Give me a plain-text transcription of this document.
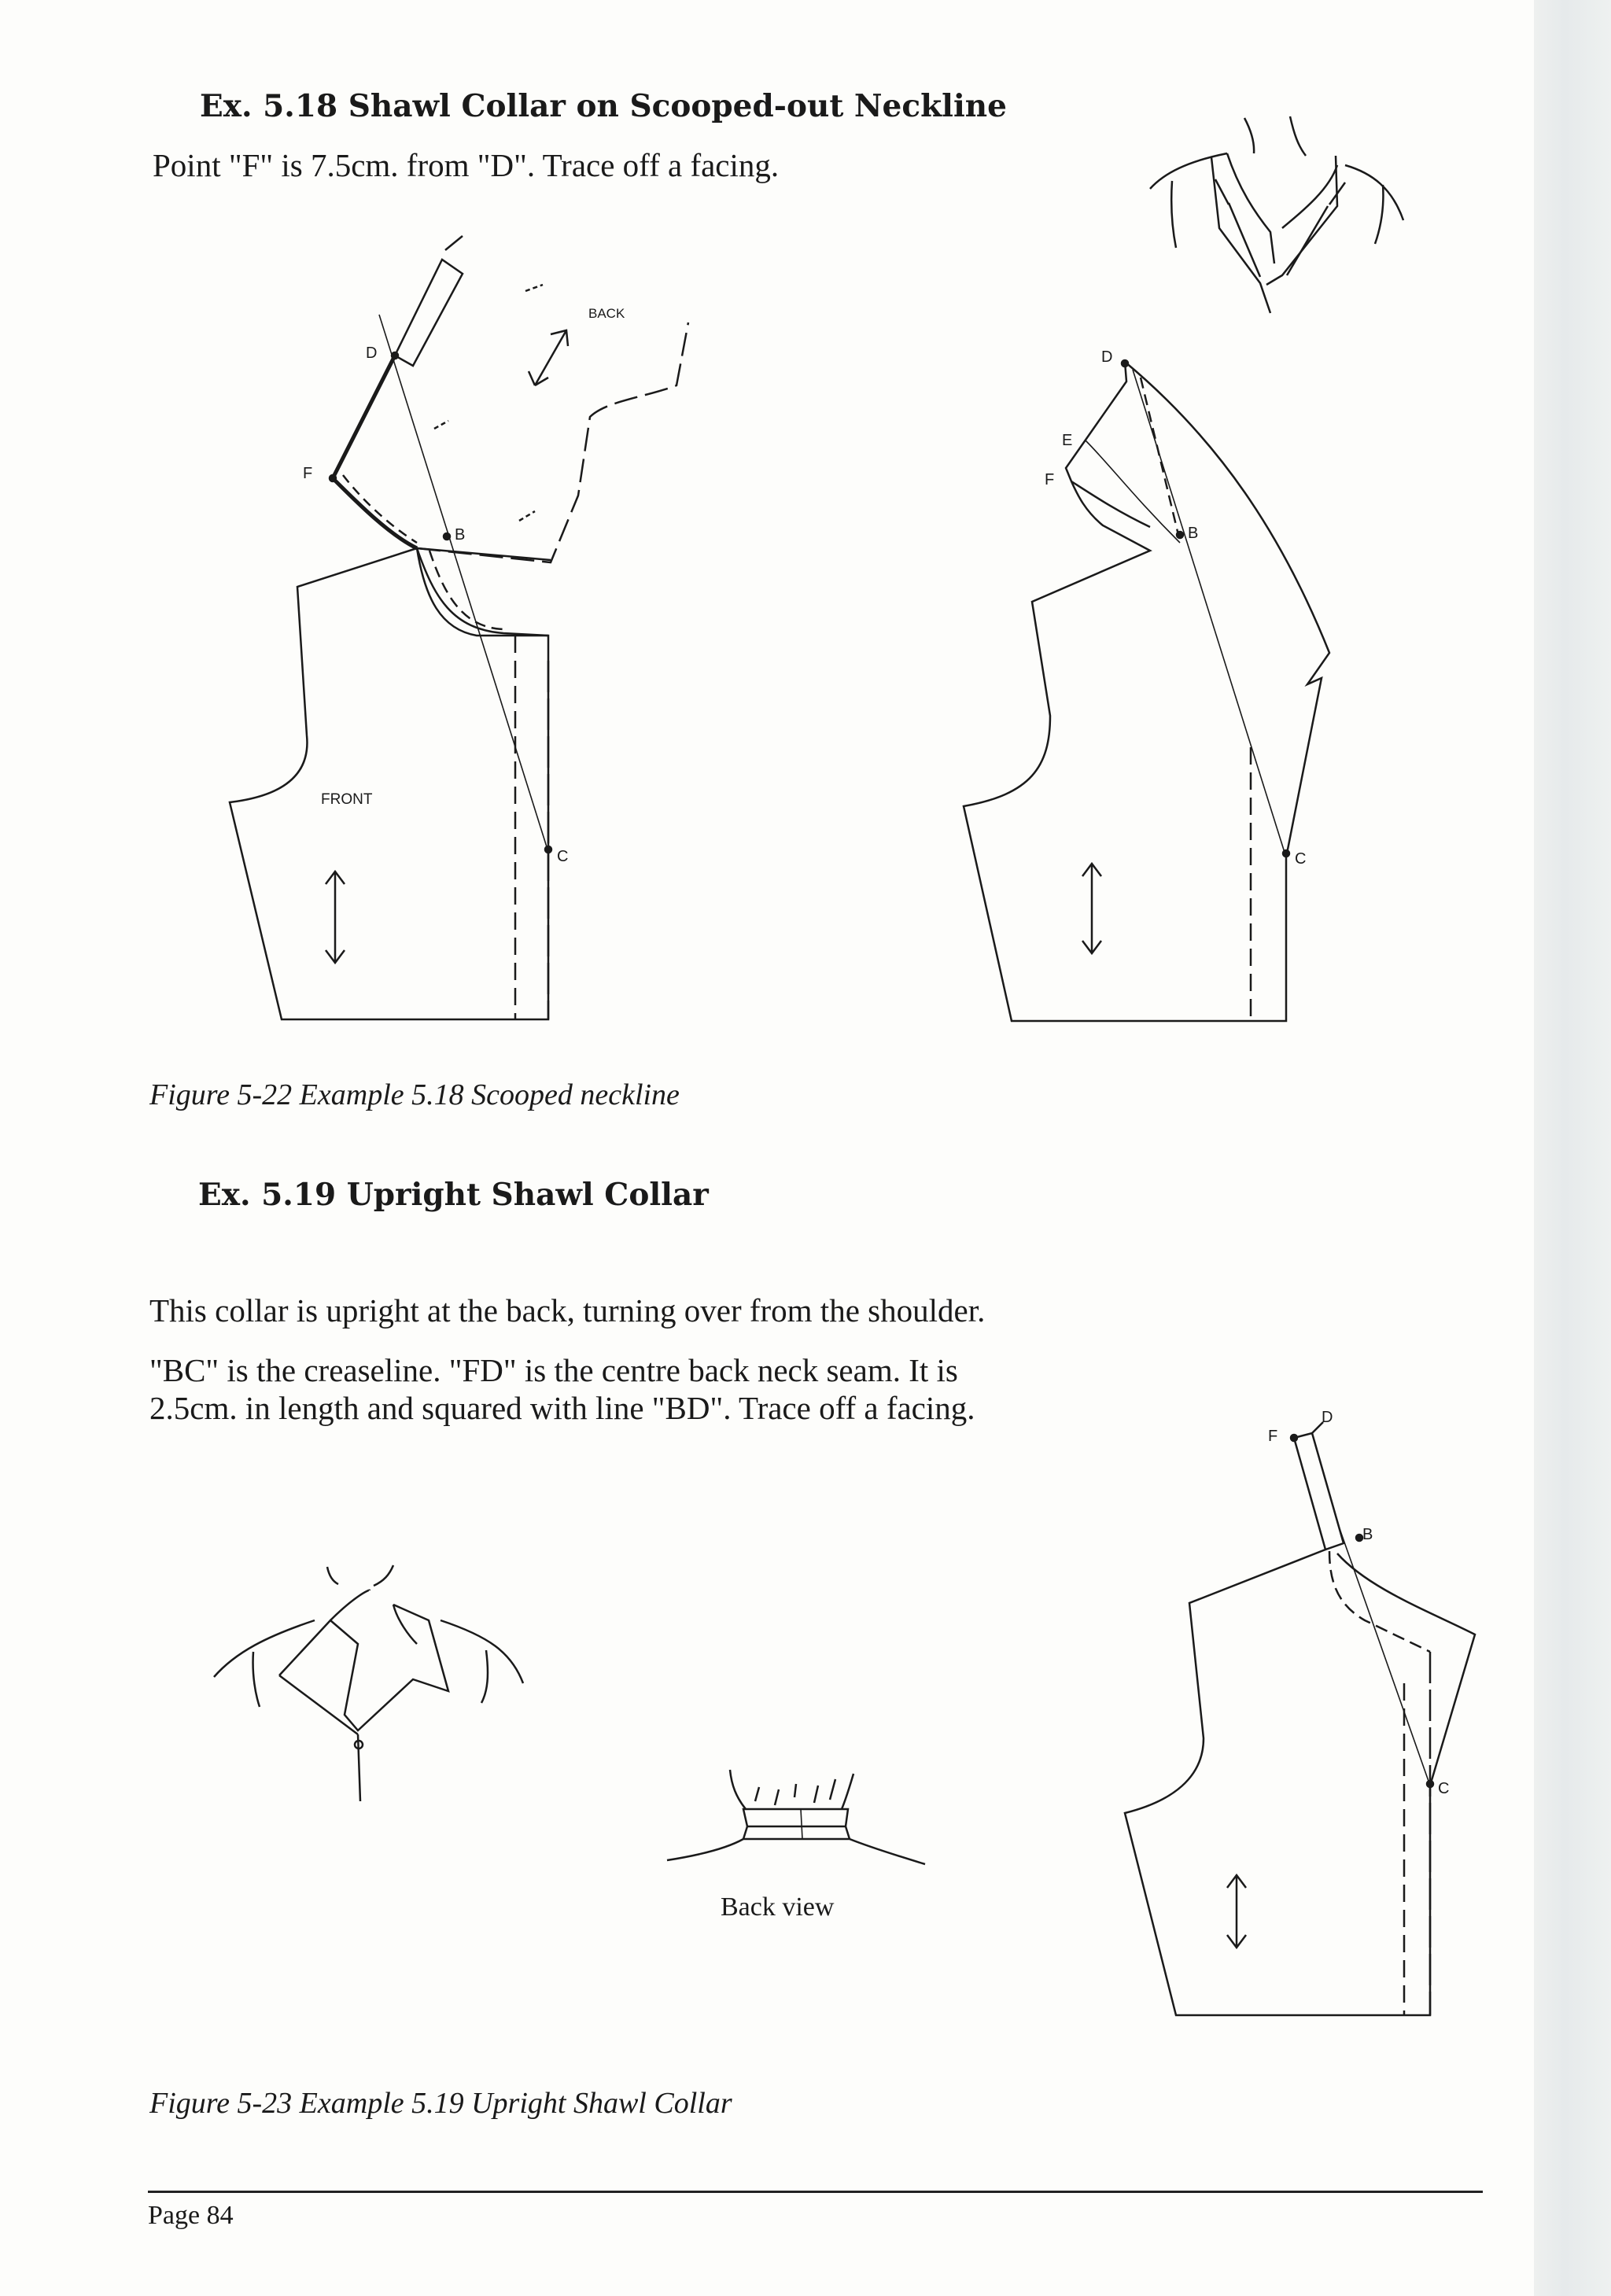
Ex. 5.18 Shawl Collar on Scooped-out Neckline
Point "F" is 7.5cm. from "D". Trace off a facing.
D
F
B
C
BACK
FRONT
D
E
F
B
C
Figure 5-22 Example 5.18 Scooped neckline
Ex. 5.19 Upright Shawl Collar
This collar is upright at the back, turning over from the shoulder.
"BC" is the creaseline. "FD" is the centre back neck seam. It is
2.5cm. in length and squared with line "BD". Trace off a facing.
Back view
F
D
B
C
Figure 5-23 Example 5.19 Upright Shawl Collar
Page 84
